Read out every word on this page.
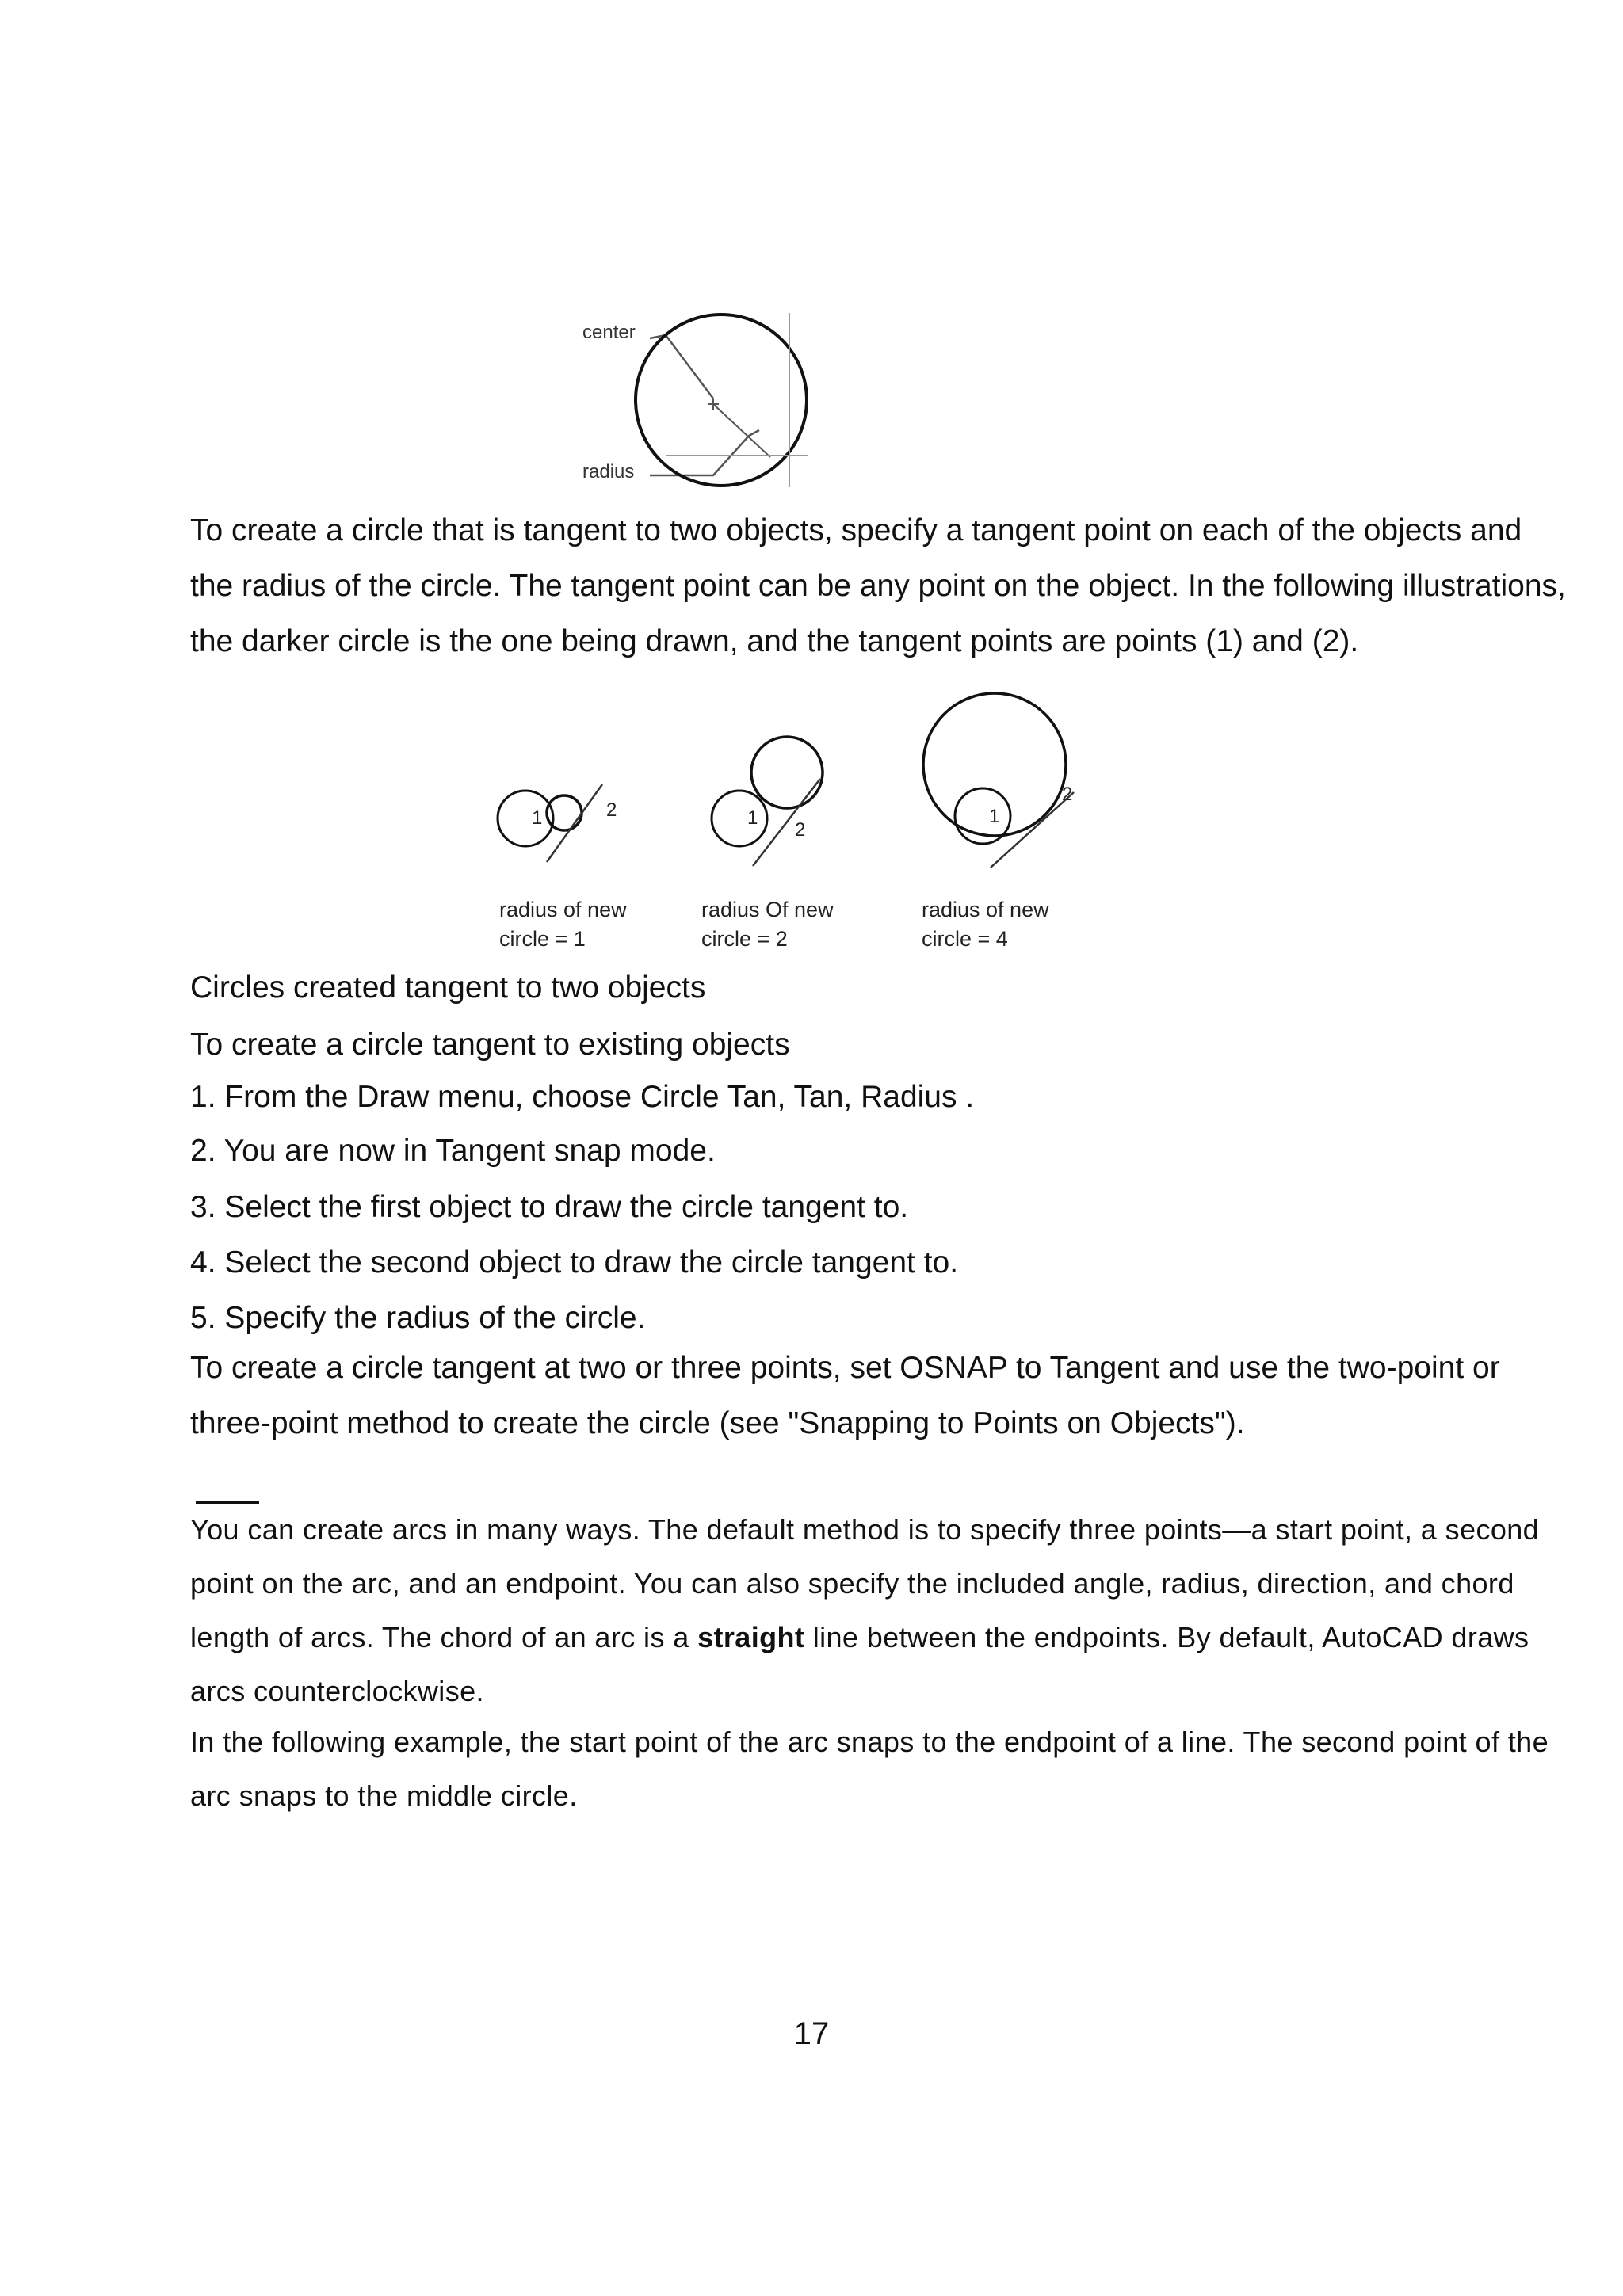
center
radius

To create a circle that is tangent to two objects, specify a tangent point on each of the objects and the radius of the circle. The tangent point can be any point on the object. In the following illustrations, the darker circle is the one being drawn, and the tangent points are points (1) and (2).

1	2	1
2
1
2
radius of new
circle = 1
radius Of new
circle = 2
radius of new
circle = 4
Circles created tangent to two objects
To create a circle tangent to existing objects
1. From the Draw menu, choose Circle Tan, Tan, Radius .
2. You are now in Tangent snap mode.
3. Select the first object to draw the circle tangent to.
4. Select the second object to draw the circle tangent to.
5. Specify the radius of the circle.

To create a circle tangent at two or three points, set OSNAP to Tangent and use the two-point or three-point method to create the circle (see "Snapping to Points on Objects").

You can create arcs in many ways. The default method is to specify three points—a start point, a second point on the arc, and an endpoint. You can also specify the included angle, radius, direction, and chord length of arcs. The chord of an arc is a straight line between the endpoints. By default, AutoCAD draws arcs counterclockwise.

In the following example, the start point of the arc snaps to the endpoint of a line. The second point of the arc snaps to the middle circle.

17
